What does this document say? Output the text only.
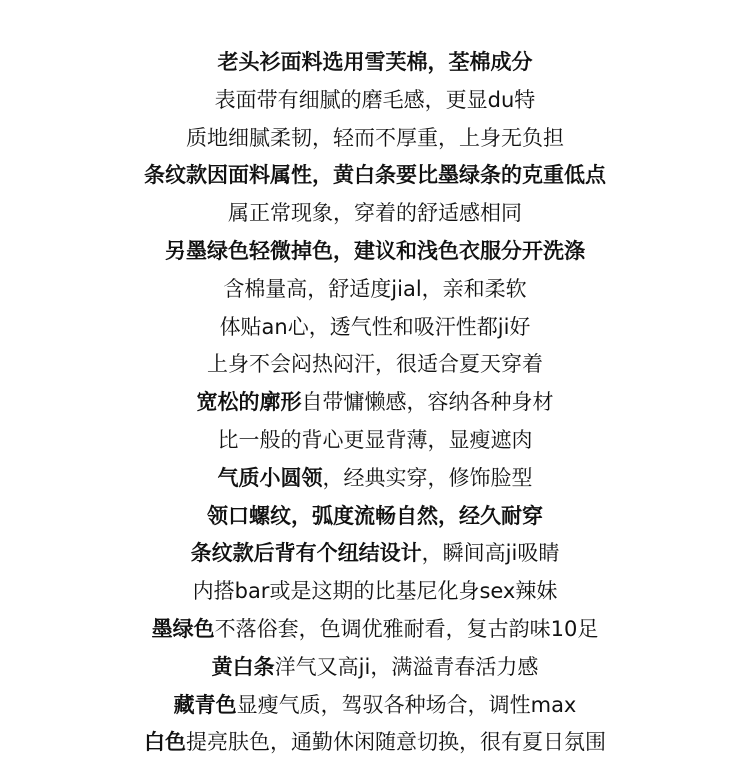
老头衫面料选用雪芙棉，荃棉成分
表面带有细腻的磨毛感，更显du特
质地细腻柔韧，轻而不厚重，上身无负担
条纹款因面料属性，黄白条要比墨绿条的克重低点
属正常现象，穿着的舒适感相同
另墨绿色轻微掉色，建议和浅色衣服分开洗涤
含棉量高，舒适度jial，亲和柔软
体贴an心，透气性和吸汗性都ji好
上身不会闷热闷汗，很适合夏天穿着
宽松的廓形自带慵懒感，容纳各种身材
比一般的背心更显背薄，显瘦遮肉
气质小圆领，经典实穿，修饰脸型
领口螺纹，弧度流畅自然，经久耐穿
条纹款后背有个纽结设计，瞬间高ji吸睛
内搭bar或是这期的比基尼化身sex辣妹
墨绿色不落俗套，色调优雅耐看，复古韵味10足
黄白条洋气又高ji，满溢青春活力感
藏青色显瘦气质，驾驭各种场合，调性max
白色提亮肤色，通勤休闲随意切换，很有夏日氛围
